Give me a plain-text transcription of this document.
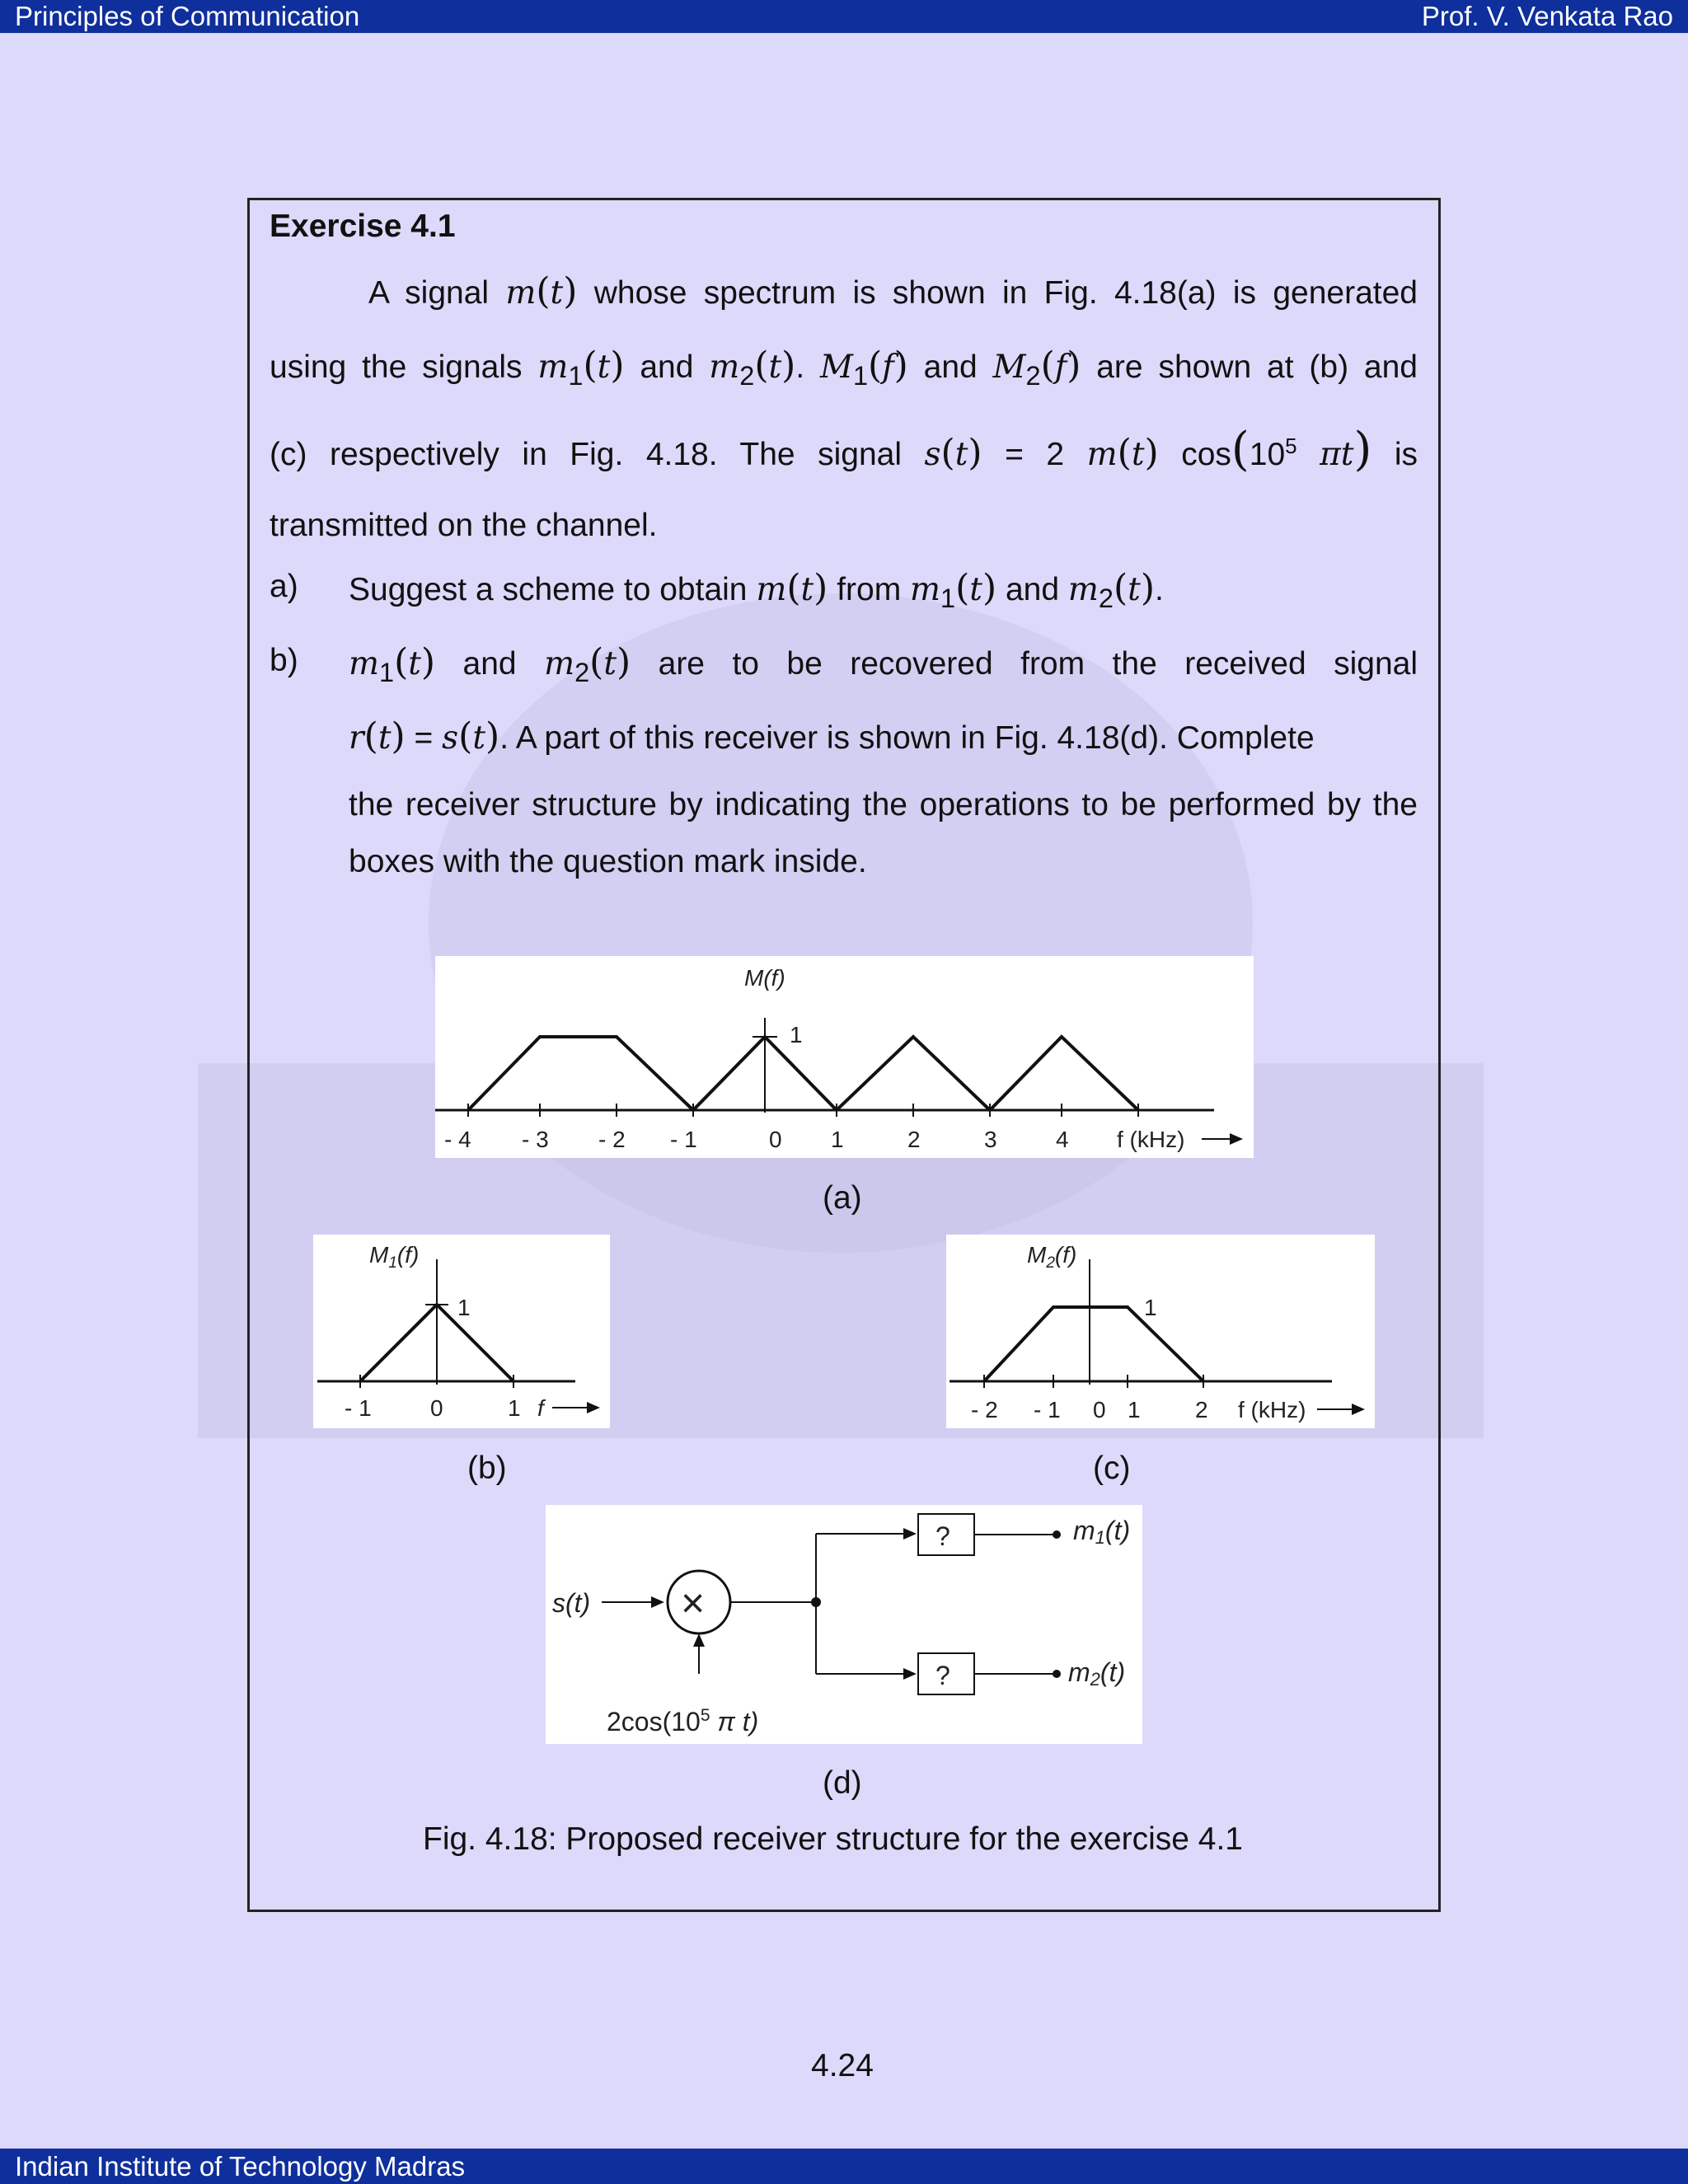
Principles of Communication	Prof. V. Venkata Rao
Exercise 4.1
A signal m(t) whose spectrum is shown in Fig. 4.18(a) is generated
using the signals $m_1(t)$ and $m_2(t)$. $M_1(f)$ and $M_2(f)$ are shown at (b) and
(c) respectively in Fig. 4.18. The signal s(t) = 2 m(t) $\cos(10^5$ πt) is
transmitted on the channel.
a) Suggest a scheme to obtain m(t) from $m_1(t)$ and $m_2(t)$.
b) $m_1(t)$ and $m_2(t)$ are to be recovered from the received signal
r(t) = s(t). A part of this receiver is shown in Fig. 4.18(d). Complete
the receiver structure by indicating the operations to be performed by the
boxes with the question mark inside.
M(f)
1
- 4 - 3 - 2 - 1	0 1	2	3	4 f (kHz)
(a)
$M_1(f)$
1
- 1	0	1 f
(b)
$M_2(f)$
1
- 2 - 1 0 1 2 f (kHz)
(c)
s(t) ×
?
?
m1(t)
m2(t)
$2\cos(10^5$ π t)
(d)
Fig. 4.18: Proposed receiver structure for the exercise 4.1
4.24
Indian Institute of Technology Madras
